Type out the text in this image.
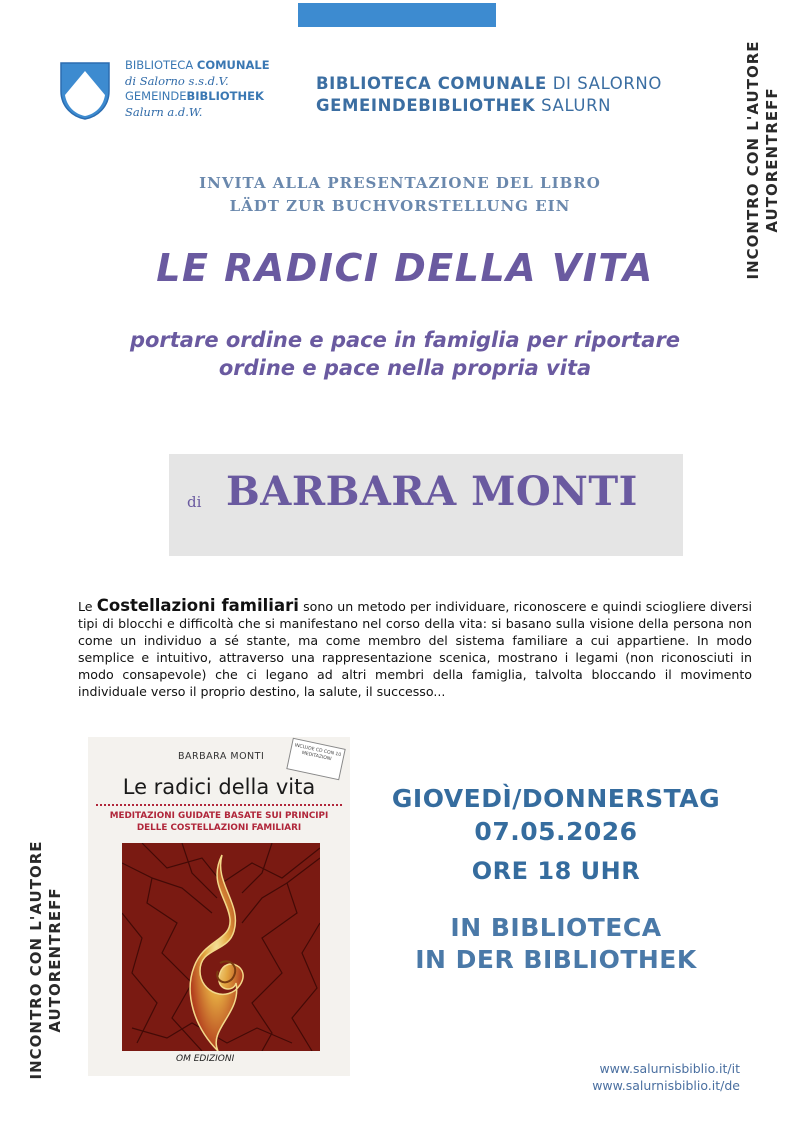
BIBLIOTECA COMUNALE
di Salorno s.s.d.V.
GEMEINDEBIBLIOTHEK
Salurn a.d.W.
BIBLIOTECA COMUNALE DI SALORNO
GEMEINDEBIBLIOTHEK SALURN	INCONTRO CON L'AUTORE AUTORENTREFF
INVITA ALLA PRESENTAZIONE DEL LIBRO
LÄDT ZUR BUCHVORSTELLUNG EIN
LE RADICI DELLA VITA
portare ordine e pace in famiglia per riportare
ordine e pace nella propria vita
di BARBARA MONTI
Le Costellazioni familiari sono un metodo per individuare, riconoscere e quindi sciogliere diversi tipi di blocchi e difficoltà che si manifestano nel corso della vita: si basano sulla visione della persona non come un individuo a sé stante, ma come membro del sistema familiare a cui appartiene. In modo semplice e intuitivo, attraverso una rappresentazione scenica, mostrano i legami (non riconosciuti in modo consapevole) che ci legano ad altri membri della famiglia, talvolta bloccando il movimento individuale verso il proprio destino, la salute, il successo...
BARBARA MONTI	INCLUDE CD CON 10 MEDITAZIONI
Le radici della vita
MEDITAZIONI GUIDATE BASATE SUI PRINCIPI
DELLE COSTELLAZIONI FAMILIARI
OM EDIZIONI
GIOVEDÌ/DONNERSTAG
07.05.2026
ORE 18 UHR
IN BIBLIOTECA
IN DER BIBLIOTHEK
INCONTRO CON L'AUTORE AUTORENTREFF
www.salurnisbiblio.it/it
www.salurnisbiblio.it/de
